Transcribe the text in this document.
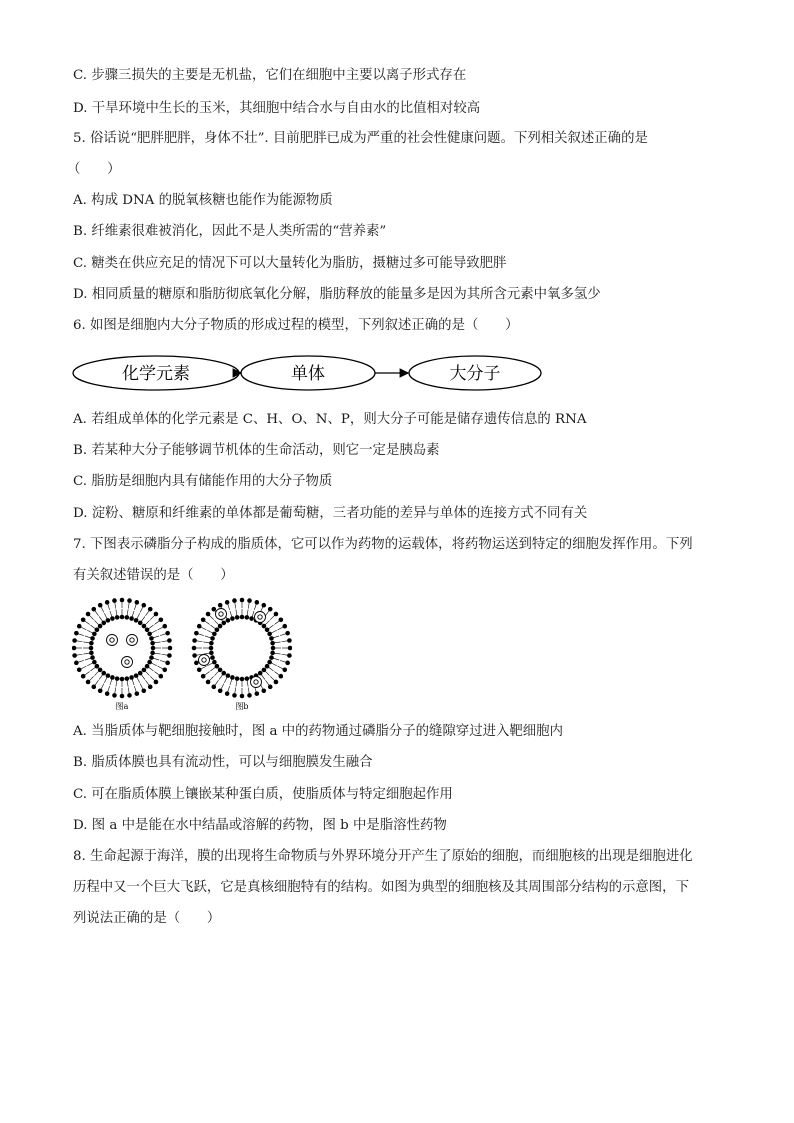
C. 步骤三损失的主要是无机盐，它们在细胞中主要以离子形式存在
D. 干旱环境中生长的玉米，其细胞中结合水与自由水的比值相对较高
5. 俗话说“肥胖肥胖，身体不壮”. 目前肥胖已成为严重的社会性健康问题。下列相关叙述正确的是
（　　）
A. 构成 DNA 的脱氧核糖也能作为能源物质
B. 纤维素很难被消化，因此不是人类所需的“营养素”
C. 糖类在供应充足的情况下可以大量转化为脂肪，摄糖过多可能导致肥胖
D. 相同质量的糖原和脂肪彻底氧化分解，脂肪释放的能量多是因为其所含元素中氧多氢少
6. 如图是细胞内大分子物质的形成过程的模型，下列叙述正确的是（　　）
化学元素	单体	大分子
A. 若组成单体的化学元素是 C、H、O、N、P，则大分子可能是储存遗传信息的 RNA
B. 若某种大分子能够调节机体的生命活动，则它一定是胰岛素
C. 脂肪是细胞内具有储能作用的大分子物质
D. 淀粉、糖原和纤维素的单体都是葡萄糖，三者功能的差异与单体的连接方式不同有关
7. 下图表示磷脂分子构成的脂质体，它可以作为药物的运载体，将药物运送到特定的细胞发挥作用。下列
有关叙述错误的是（　　）
图a	图b
A. 当脂质体与靶细胞接触时，图 a 中的药物通过磷脂分子的缝隙穿过进入靶细胞内
B. 脂质体膜也具有流动性，可以与细胞膜发生融合
C. 可在脂质体膜上镶嵌某种蛋白质，使脂质体与特定细胞起作用
D. 图 a 中是能在水中结晶或溶解的药物，图 b 中是脂溶性药物
8. 生命起源于海洋，膜的出现将生命物质与外界环境分开产生了原始的细胞，而细胞核的出现是细胞进化
历程中又一个巨大飞跃，它是真核细胞特有的结构。如图为典型的细胞核及其周围部分结构的示意图，下
列说法正确的是（　　）
